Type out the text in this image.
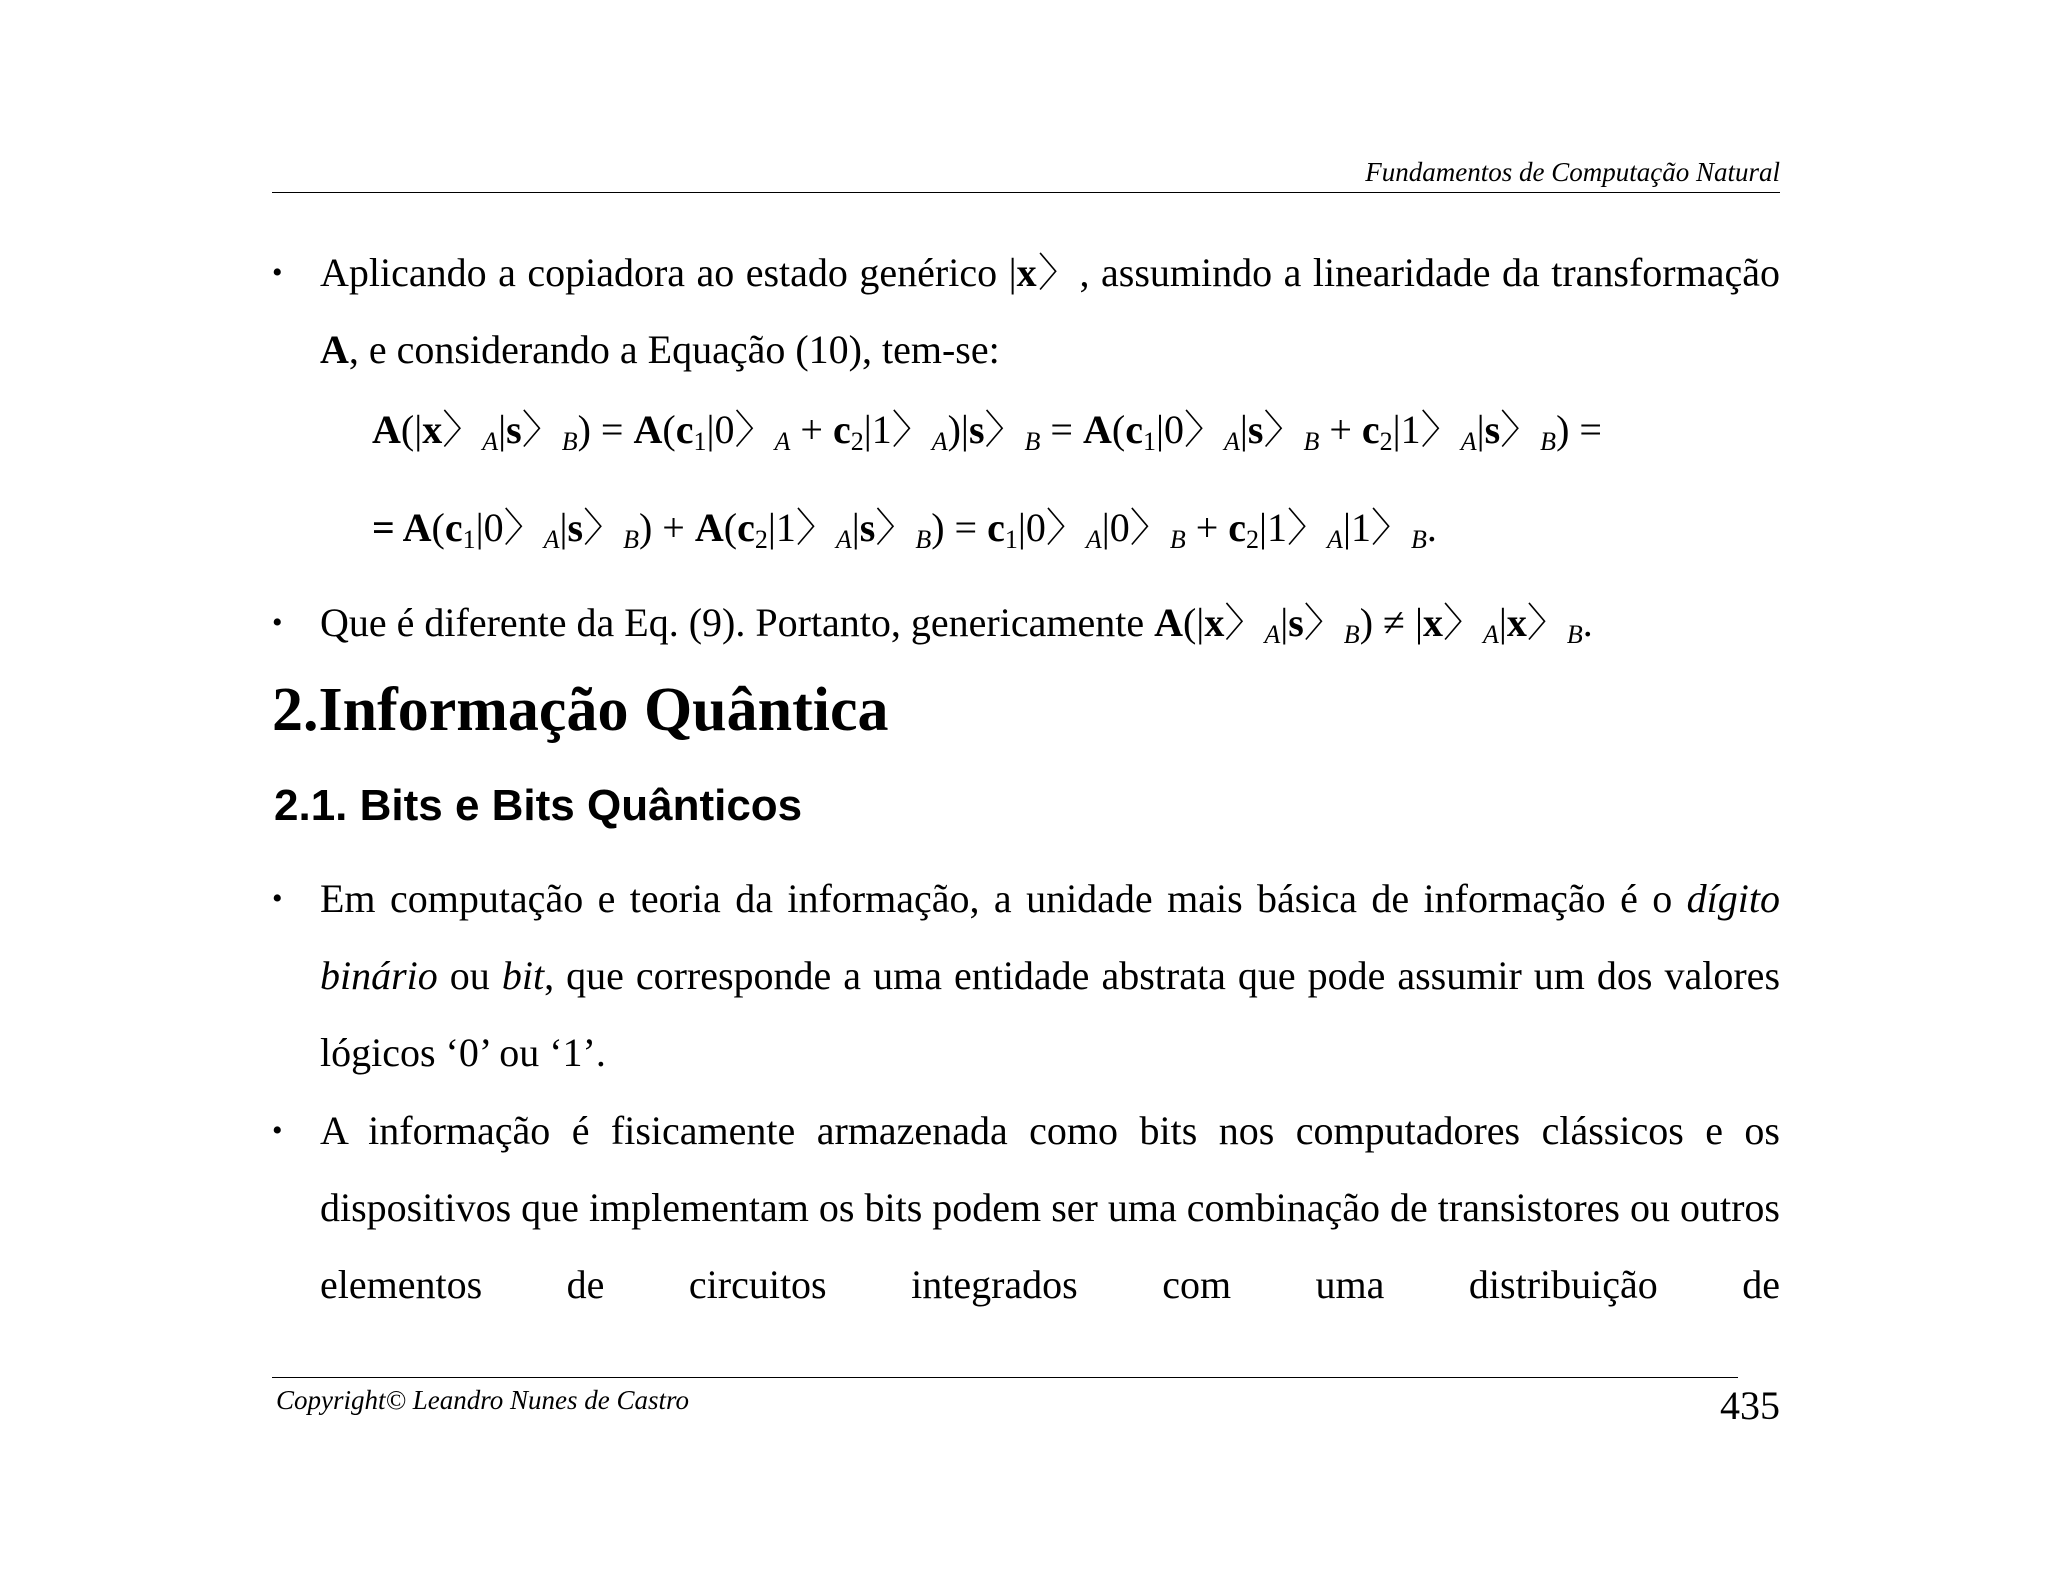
Fundamentos de Computação Natural
• Aplicando a copiadora ao estado genérico |x〉, assumindo a linearidade da transformação A, e considerando a Equação (10), tem-se:
A(|x〉$_A$|s〉$_B) = A(c_1|0$〉$_A + c_2|1$〉$_A$)|s〉$_B = A(c_1|0$〉$_A$|s〉$_B + c_2|1$〉$_A$|s〉$_B$) =
= $A(c_1|0$〉$_A$|s〉$_B) + A(c_2|1$〉$_A$|s〉$_B) = c_1|0$〉$_A$|0〉$_B + c_2|1$〉$_A$|1〉$_B$.
• Que é diferente da Eq. (9). Portanto, genericamente A(|x〉$_A$|s〉$_B$) ≠ |x〉$_A$|x〉$_B$.
2.Informação Quântica
2.1. Bits e Bits Quânticos
• Em computação e teoria da informação, a unidade mais básica de informação é o dígito binário ou bit, que corresponde a uma entidade abstrata que pode assumir um dos valores lógicos ‘0’ ou ‘1’.
• A informação é fisicamente armazenada como bits nos computadores clássicos e os dispositivos que implementam os bits podem ser uma combinação de transistores ou outros elementos de circuitos integrados com uma distribuição de
Copyright© Leandro Nunes de Castro	435
